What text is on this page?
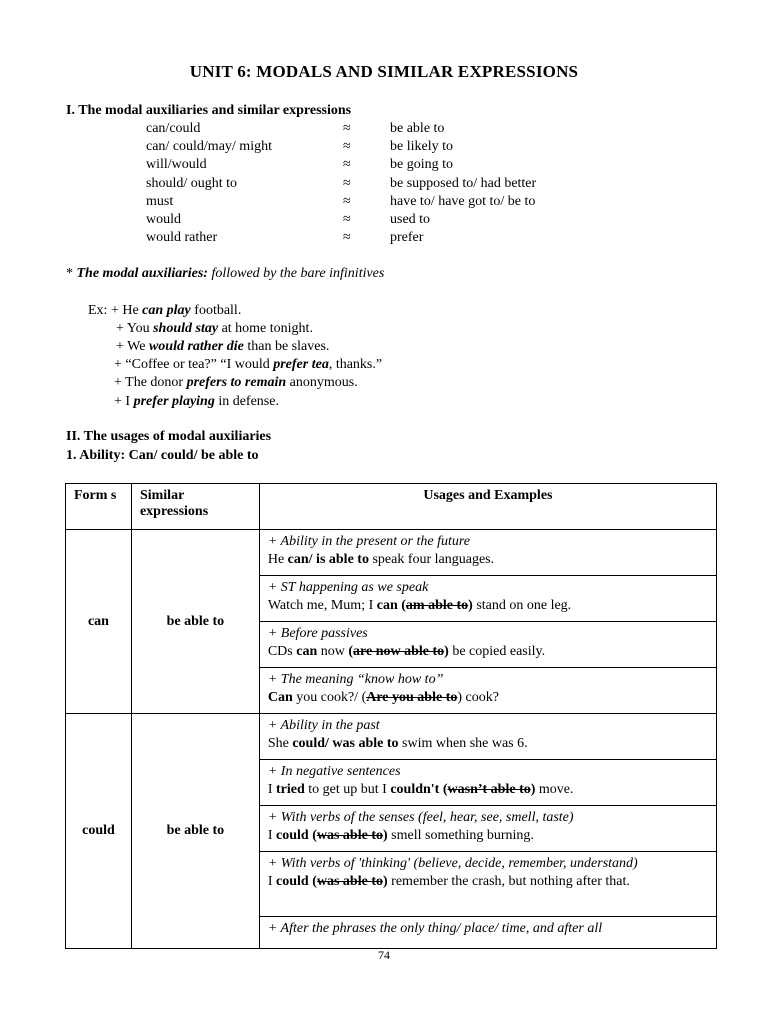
UNIT 6: MODALS AND SIMILAR EXPRESSIONS
I. The modal auxiliaries and similar expressions
can/could	≈	be able to
can/ could/may/ might	≈	be likely to
will/would	≈	be going to
should/ ought to	≈	be supposed to/ had better
must	≈	have to/ have got to/ be to
would	≈	used to
would rather	≈	prefer
* The modal auxiliaries: followed by the bare infinitives
Ex: + He can play football.
+ You should stay at home tonight.
+ We would rather die than be slaves.
+ “Coffee or tea?” “I would prefer tea, thanks.”
+ The donor prefers to remain anonymous.
+ I prefer playing in defense.
II. The usages of modal auxiliaries
1. Ability: Can/ could/ be able to
Form s	Similar expressions	Usages and Examples
can	be able to	+ Ability in the present or the future
He can/ is able to speak four languages.

		+ ST happening as we speak
Watch me, Mum; I can (am able to) stand on one leg.

		+ Before passives
CDs can now (are now able to) be copied easily.

		+ The meaning “know how to”
Can you cook?/ (Are you able to) cook?

could	be able to	+ Ability in the past
She could/ was able to swim when she was 6.

		+ In negative sentences
I tried to get up but I couldn't (wasn’t able to) move.

		+ With verbs of the senses (feel, hear, see, smell, taste)
I could (was able to) smell something burning.

		+ With verbs of 'thinking' (believe, decide, remember, understand)
I could (was able to) remember the crash, but nothing after that.

		+ After the phrases the only thing/ place/ time, and after all
74
